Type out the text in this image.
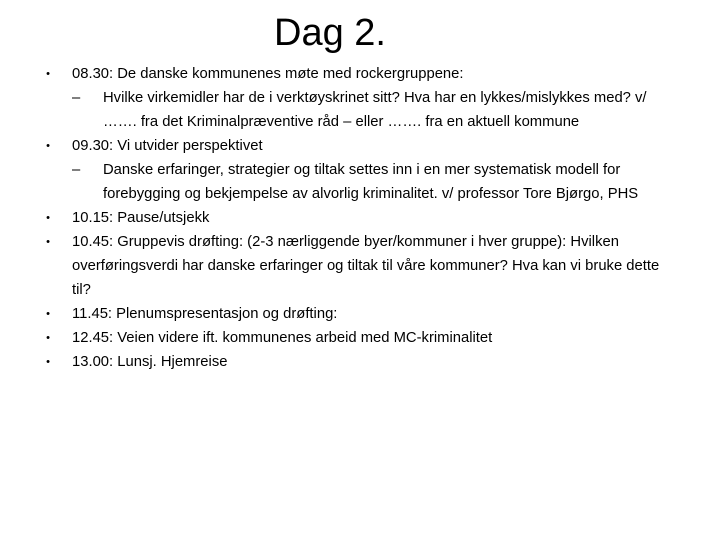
Dag 2.
•	08.30: De danske kommunenes møte med rockergruppene:
– Hvilke virkemidler har de i verktøyskrinet sitt? Hva har en lykkes/mislykkes med? v/ ……. fra det Kriminalpræventive råd – eller ……. fra en aktuell kommune
•	09.30: Vi utvider perspektivet
– Danske erfaringer, strategier og tiltak settes inn i en mer systematisk modell for forebygging og bekjempelse av alvorlig kriminalitet. v/ professor Tore Bjørgo, PHS
•	10.15: Pause/utsjekk
•	10.45: Gruppevis drøfting: (2-3 nærliggende byer/kommuner i hver gruppe): Hvilken overføringsverdi har danske erfaringer og tiltak til våre kommuner? Hva kan vi bruke dette til?
•	11.45: Plenumspresentasjon og drøfting:
•	12.45: Veien videre ift. kommunenes arbeid med MC-kriminalitet
•	13.00: Lunsj. Hjemreise
